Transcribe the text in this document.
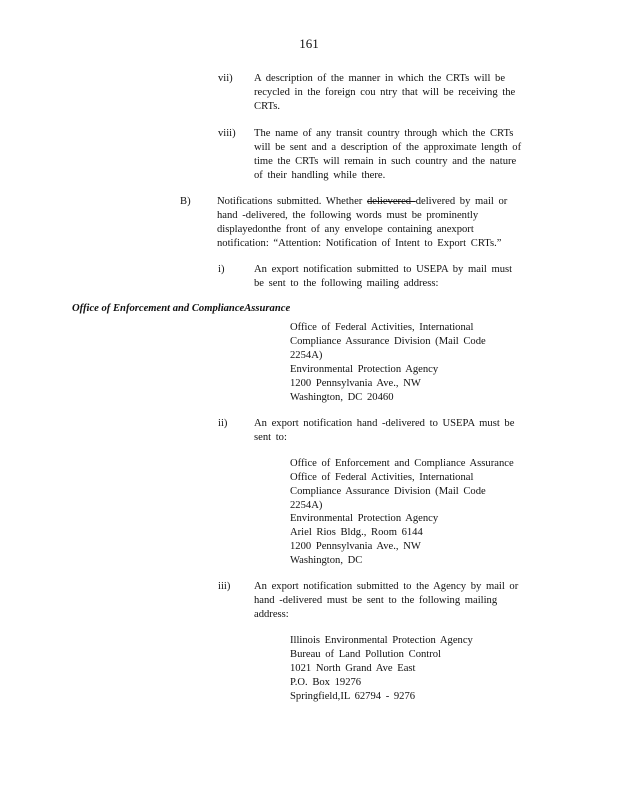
161
vii) A description of the manner in which the CRTs will be
recycled in the foreign cou ntry that will be receiving the
CRTs.
viii) The name of any transit country through which the CRTs
will be sent and a description of the approximate length of
time the CRTs will remain in such country and the nature
of their handling while there.
B) Notifications submitted. Whether delievered delivered by mail or
hand -delivered, the following words must be prominently
displayedonthe front of any envelope containing anexport
notification: “Attention: Notification of Intent to Export CRTs.”
i)	An export notification submitted to USEPA by mail must
be sent to the following mailing address:
Office of Enforcement and ComplianceAssurance
Office of Federal Activities, International
Compliance Assurance Division (Mail Code
2254A)
Environmental Protection Agency
1200 Pennsylvania Ave., NW
Washington, DC 20460
ii)	An export notification hand -delivered to USEPA must be
sent to:
Office of Enforcement and Compliance Assurance
Office of Federal Activities, International
Compliance Assurance Division (Mail Code
2254A)
Environmental Protection Agency
Ariel Rios Bldg., Room 6144
1200 Pennsylvania Ave., NW
Washington, DC
iii) An export notification submitted to the Agency by mail or
hand -delivered must be sent to the following mailing
address:
Illinois Environmental Protection Agency
Bureau of Land Pollution Control
1021 North Grand Ave East
P.O. Box 19276
Springfield,IL 62794 - 9276
